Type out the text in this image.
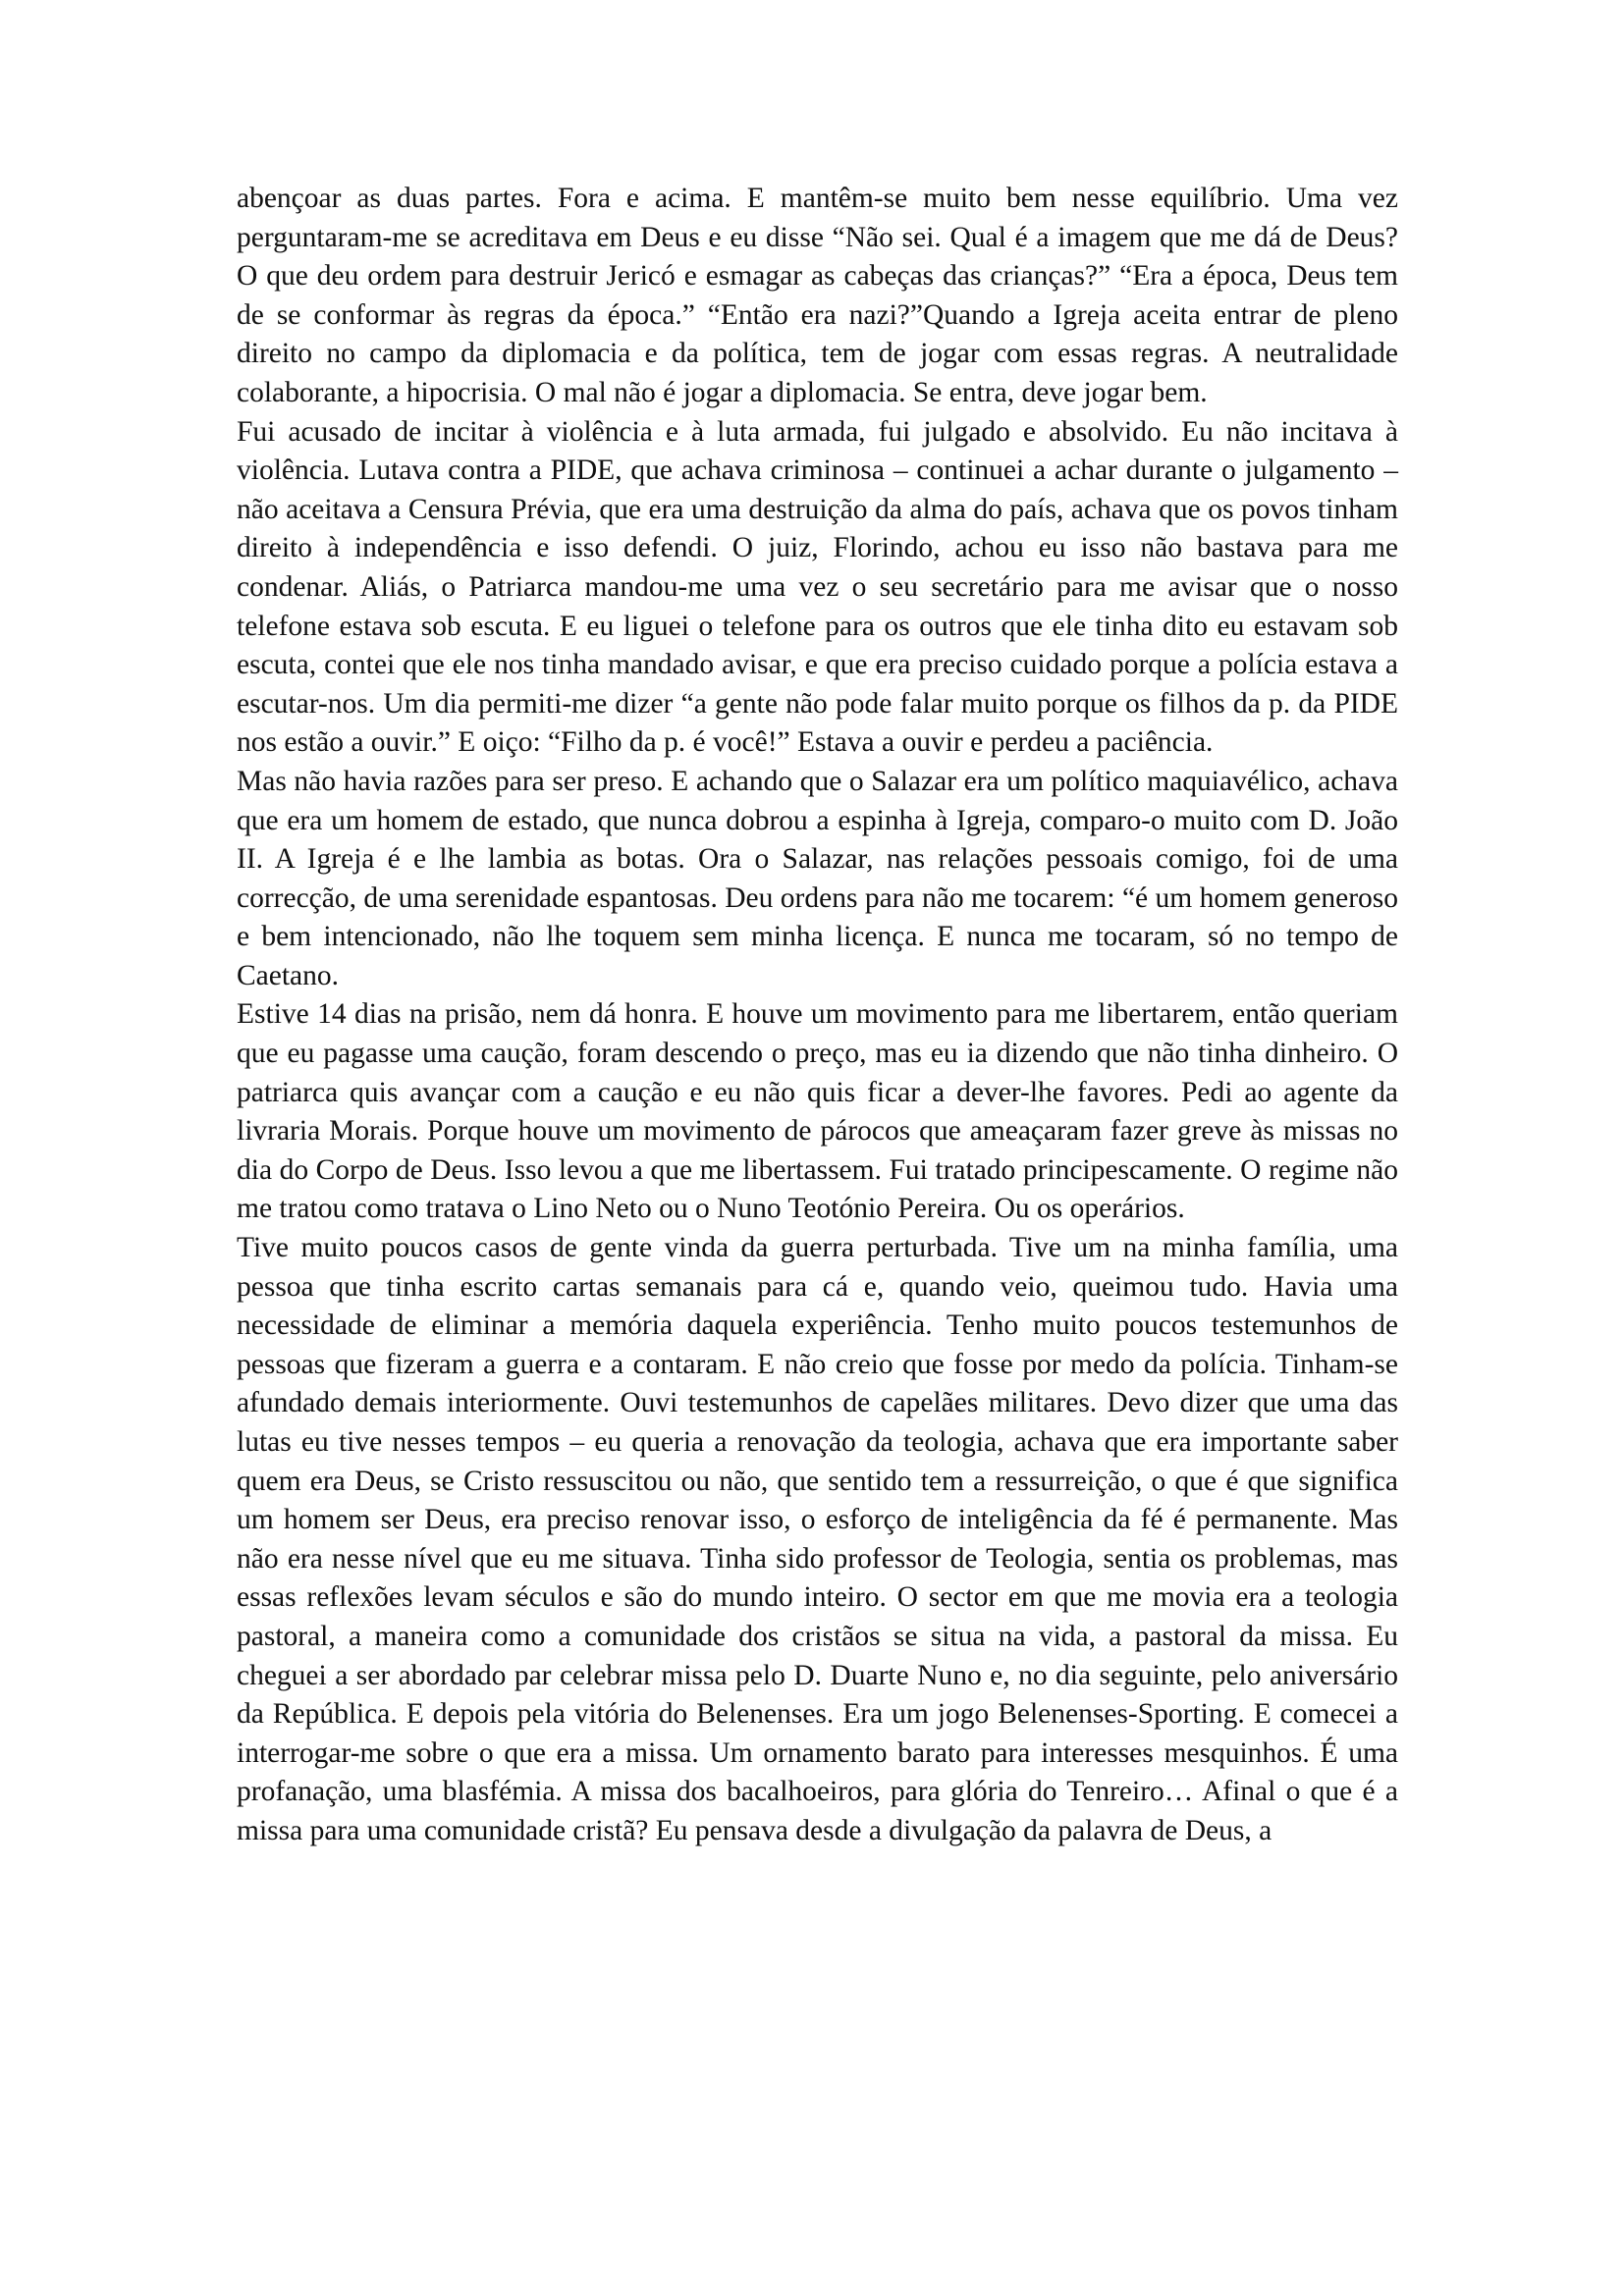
abençoar as duas partes. Fora e acima. E mantêm-se muito bem nesse equilíbrio. Uma vez perguntaram-me se acreditava em Deus e eu disse “Não sei. Qual é a imagem que me dá de Deus? O que deu ordem para destruir Jericó e esmagar as cabeças das crianças?” “Era a época, Deus tem de se conformar às regras da época.” “Então era nazi?”Quando a Igreja aceita entrar de pleno direito no campo da diplomacia e da política, tem de jogar com essas regras. A neutralidade colaborante, a hipocrisia. O mal não é jogar a diplomacia. Se entra, deve jogar bem.

Fui acusado de incitar à violência e à luta armada, fui julgado e absolvido. Eu não incitava à violência. Lutava contra a PIDE, que achava criminosa – continuei a achar durante o julgamento – não aceitava a Censura Prévia, que era uma destruição da alma do país, achava que os povos tinham direito à independência e isso defendi. O juiz, Florindo, achou eu isso não bastava para me condenar. Aliás, o Patriarca mandou-me uma vez o seu secretário para me avisar que o nosso telefone estava sob escuta. E eu liguei o telefone para os outros que ele tinha dito eu estavam sob escuta, contei que ele nos tinha mandado avisar, e que era preciso cuidado porque a polícia estava a escutar-nos. Um dia permiti-me dizer “a gente não pode falar muito porque os filhos da p. da PIDE nos estão a ouvir.” E oiço: “Filho da p. é você!” Estava a ouvir e perdeu a paciência.

Mas não havia razões para ser preso. E achando que o Salazar era um político maquiavélico, achava que era um homem de estado, que nunca dobrou a espinha à Igreja, comparo-o muito com D. João II. A Igreja é e lhe lambia as botas. Ora o Salazar, nas relações pessoais comigo, foi de uma correcção, de uma serenidade espantosas. Deu ordens para não me tocarem: “é um homem generoso e bem intencionado, não lhe toquem sem minha licença. E nunca me tocaram, só no tempo de Caetano.

Estive 14 dias na prisão, nem dá honra. E houve um movimento para me libertarem, então queriam que eu pagasse uma caução, foram descendo o preço, mas eu ia dizendo que não tinha dinheiro. O patriarca quis avançar com a caução e eu não quis ficar a dever-lhe favores. Pedi ao agente da livraria Morais. Porque houve um movimento de párocos que ameaçaram fazer greve às missas no dia do Corpo de Deus. Isso levou a que me libertassem. Fui tratado principescamente. O regime não me tratou como tratava o Lino Neto ou o Nuno Teotónio Pereira. Ou os operários.

Tive muito poucos casos de gente vinda da guerra perturbada. Tive um na minha família, uma pessoa que tinha escrito cartas semanais para cá e, quando veio, queimou tudo. Havia uma necessidade de eliminar a memória daquela experiência. Tenho muito poucos testemunhos de pessoas que fizeram a guerra e a contaram. E não creio que fosse por medo da polícia. Tinham-se afundado demais interiormente. Ouvi testemunhos de capelães militares. Devo dizer que uma das lutas eu tive nesses tempos – eu queria a renovação da teologia, achava que era importante saber quem era Deus, se Cristo ressuscitou ou não, que sentido tem a ressurreição, o que é que significa um homem ser Deus, era preciso renovar isso, o esforço de inteligência da fé é permanente. Mas não era nesse nível que eu me situava. Tinha sido professor de Teologia, sentia os problemas, mas essas reflexões levam séculos e são do mundo inteiro. O sector em que me movia era a teologia pastoral, a maneira como a comunidade dos cristãos se situa na vida, a pastoral da missa. Eu cheguei a ser abordado par celebrar missa pelo D. Duarte Nuno e, no dia seguinte, pelo aniversário da República. E depois pela vitória do Belenenses. Era um jogo Belenenses-Sporting. E comecei a interrogar-me sobre o que era a missa. Um ornamento barato para interesses mesquinhos. É uma profanação, uma blasfémia. A missa dos bacalhoeiros, para glória do Tenreiro… Afinal o que é a missa para uma comunidade cristã? Eu pensava desde a divulgação da palavra de Deus, a
